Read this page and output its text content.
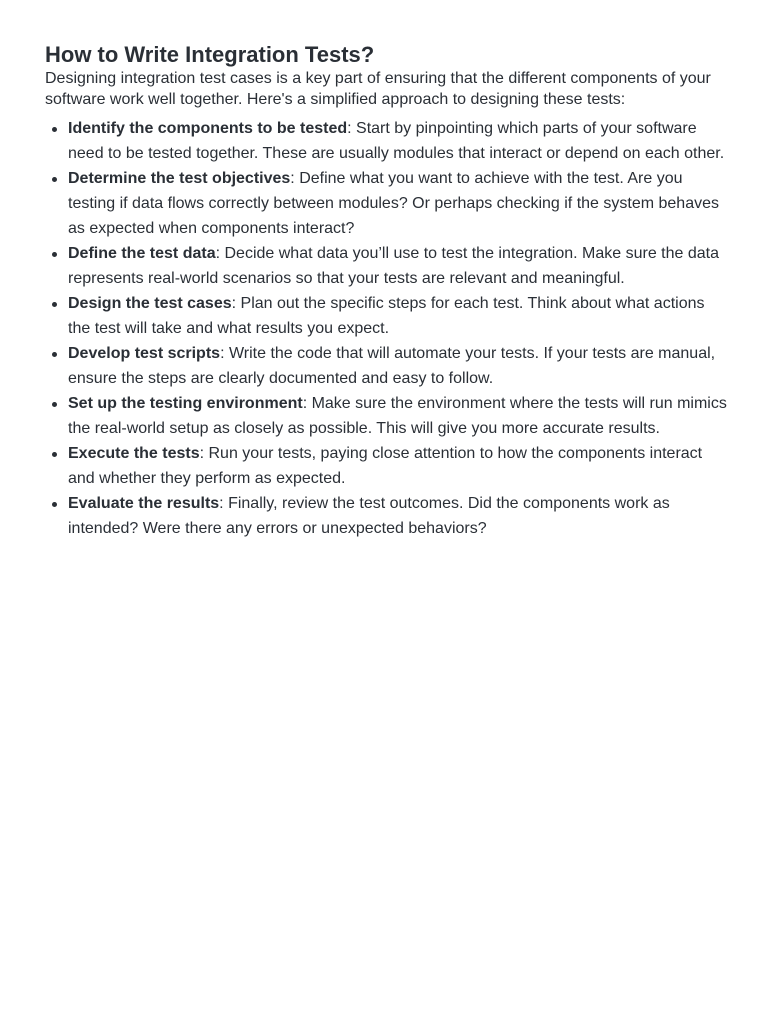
How to Write Integration Tests?

Designing integration test cases is a key part of ensuring that the different components of your software work well together. Here's a simplified approach to designing these tests:

Identify the components to be tested: Start by pinpointing which parts of your software need to be tested together. These are usually modules that interact or depend on each other.
Determine the test objectives: Define what you want to achieve with the test. Are you testing if data flows correctly between modules? Or perhaps checking if the system behaves as expected when components interact?
Define the test data: Decide what data you’ll use to test the integration. Make sure the data represents real-world scenarios so that your tests are relevant and meaningful.
Design the test cases: Plan out the specific steps for each test. Think about what actions the test will take and what results you expect.
Develop test scripts: Write the code that will automate your tests. If your tests are manual, ensure the steps are clearly documented and easy to follow.
Set up the testing environment: Make sure the environment where the tests will run mimics the real-world setup as closely as possible. This will give you more accurate results.
Execute the tests: Run your tests, paying close attention to how the components interact and whether they perform as expected.
Evaluate the results: Finally, review the test outcomes. Did the components work as intended? Were there any errors or unexpected behaviors?
